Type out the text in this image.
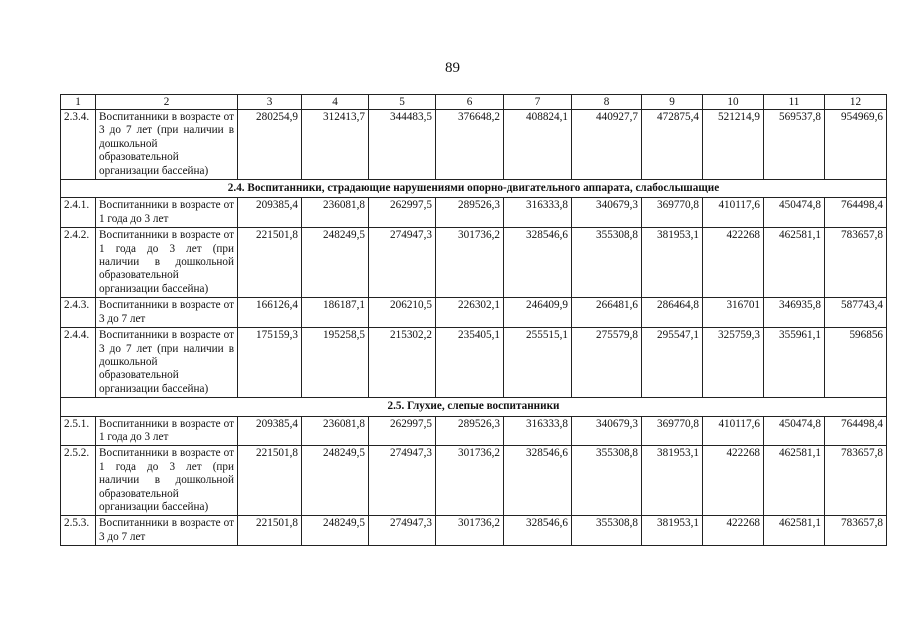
89
1	2	3	4	5	6	7	8	9	10	11	12
2.3.4.	Воспитанники в возрасте от 3 до 7 лет (при наличии в дошкольной образовательной организации бассейна)	280254,9	312413,7	344483,5	376648,2	408824,1	440927,7	472875,4	521214,9	569537,8	954969,6
2.4. Воспитанники, страдающие нарушениями опорно-двигательного аппарата, слабослышащие											
2.4.1.	Воспитанники в возрасте от 1 года до 3 лет	209385,4	236081,8	262997,5	289526,3	316333,8	340679,3	369770,8	410117,6	450474,8	764498,4
2.4.2.	Воспитанники в возрасте от 1 года до 3 лет (при наличии в дошкольной образовательной организации бассейна)	221501,8	248249,5	274947,3	301736,2	328546,6	355308,8	381953,1	422268	462581,1	783657,8
2.4.3.	Воспитанники в возрасте от 3 до 7 лет	166126,4	186187,1	206210,5	226302,1	246409,9	266481,6	286464,8	316701	346935,8	587743,4
2.4.4.	Воспитанники в возрасте от 3 до 7 лет (при наличии в дошкольной образовательной организации бассейна)	175159,3	195258,5	215302,2	235405,1	255515,1	275579,8	295547,1	325759,3	355961,1	596856
2.5. Глухие, слепые воспитанники											
2.5.1.	Воспитанники в возрасте от 1 года до 3 лет	209385,4	236081,8	262997,5	289526,3	316333,8	340679,3	369770,8	410117,6	450474,8	764498,4
2.5.2.	Воспитанники в возрасте от 1 года до 3 лет (при наличии в дошкольной образовательной организации бассейна)	221501,8	248249,5	274947,3	301736,2	328546,6	355308,8	381953,1	422268	462581,1	783657,8
2.5.3.	Воспитанники в возрасте от 3 до 7 лет	221501,8	248249,5	274947,3	301736,2	328546,6	355308,8	381953,1	422268	462581,1	783657,8
